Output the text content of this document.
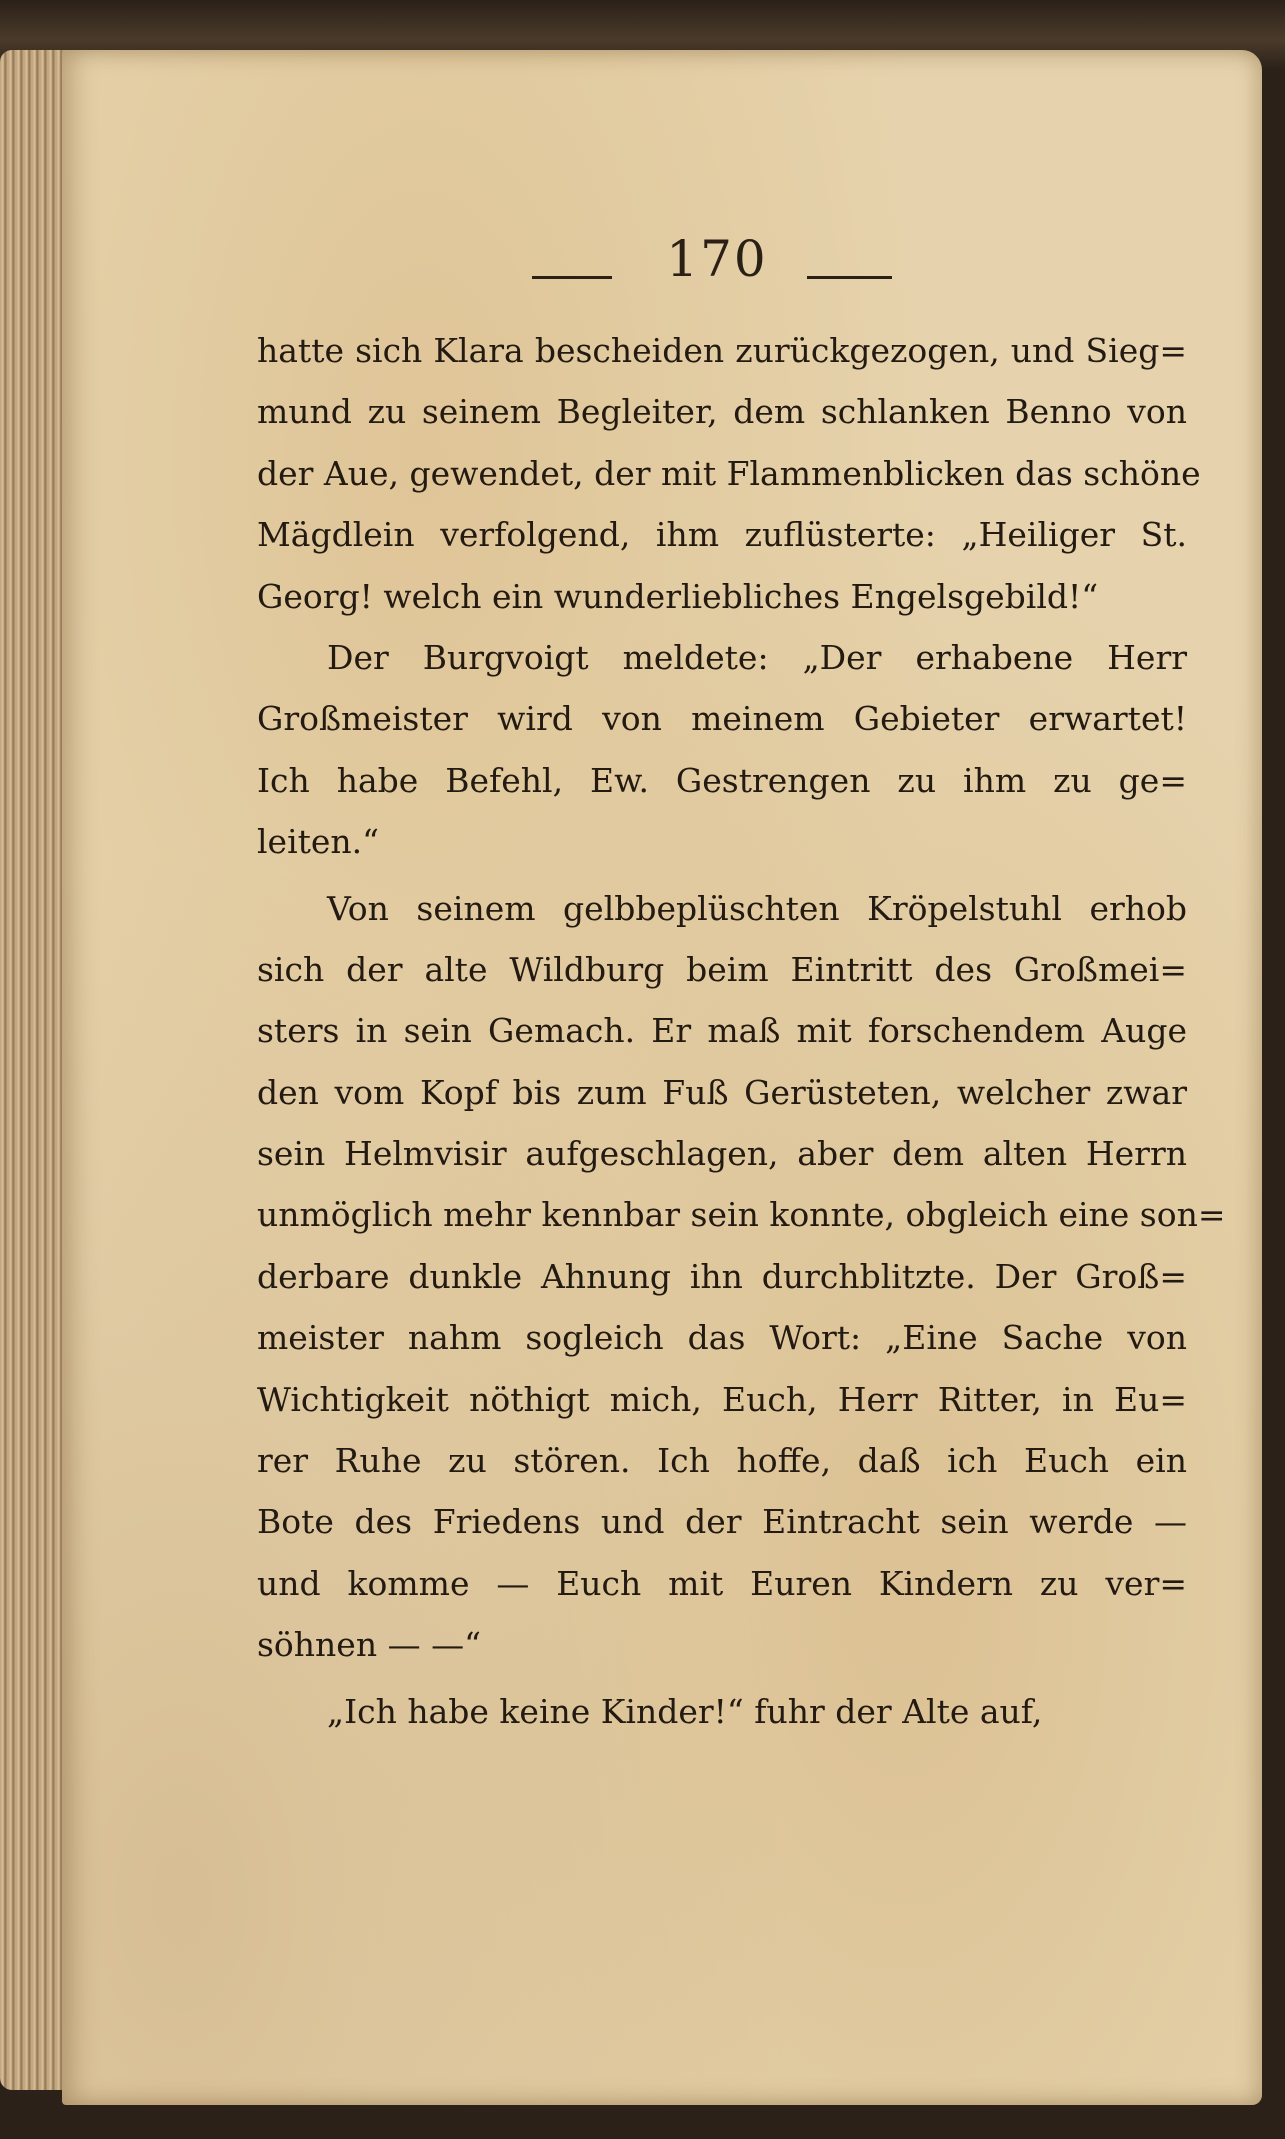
170
hatte sich Klara bescheiden zurückgezogen, und Sieg=
mund zu seinem Begleiter, dem schlanken Benno von
der Aue, gewendet, der mit Flammenblicken das schöne
Mägdlein verfolgend, ihm zuflüsterte: „Heiliger St.
Georg! welch ein wunderliebliches Engelsgebild!“
Der Burgvoigt meldete: „Der erhabene Herr
Großmeister wird von meinem Gebieter erwartet!
Ich habe Befehl, Ew. Gestrengen zu ihm zu ge=
leiten.“
Von seinem gelbbeplüschten Kröpelstuhl erhob
sich der alte Wildburg beim Eintritt des Großmei=
sters in sein Gemach. Er maß mit forschendem Auge
den vom Kopf bis zum Fuß Gerüsteten, welcher zwar
sein Helmvisir aufgeschlagen, aber dem alten Herrn
unmöglich mehr kennbar sein konnte, obgleich eine son=
derbare dunkle Ahnung ihn durchblitzte. Der Groß=
meister nahm sogleich das Wort: „Eine Sache von
Wichtigkeit nöthigt mich, Euch, Herr Ritter, in Eu=
rer Ruhe zu stören. Ich hoffe, daß ich Euch ein
Bote des Friedens und der Eintracht sein werde —
und komme — Euch mit Euren Kindern zu ver=
söhnen — —“
„Ich habe keine Kinder!“ fuhr der Alte auf,
